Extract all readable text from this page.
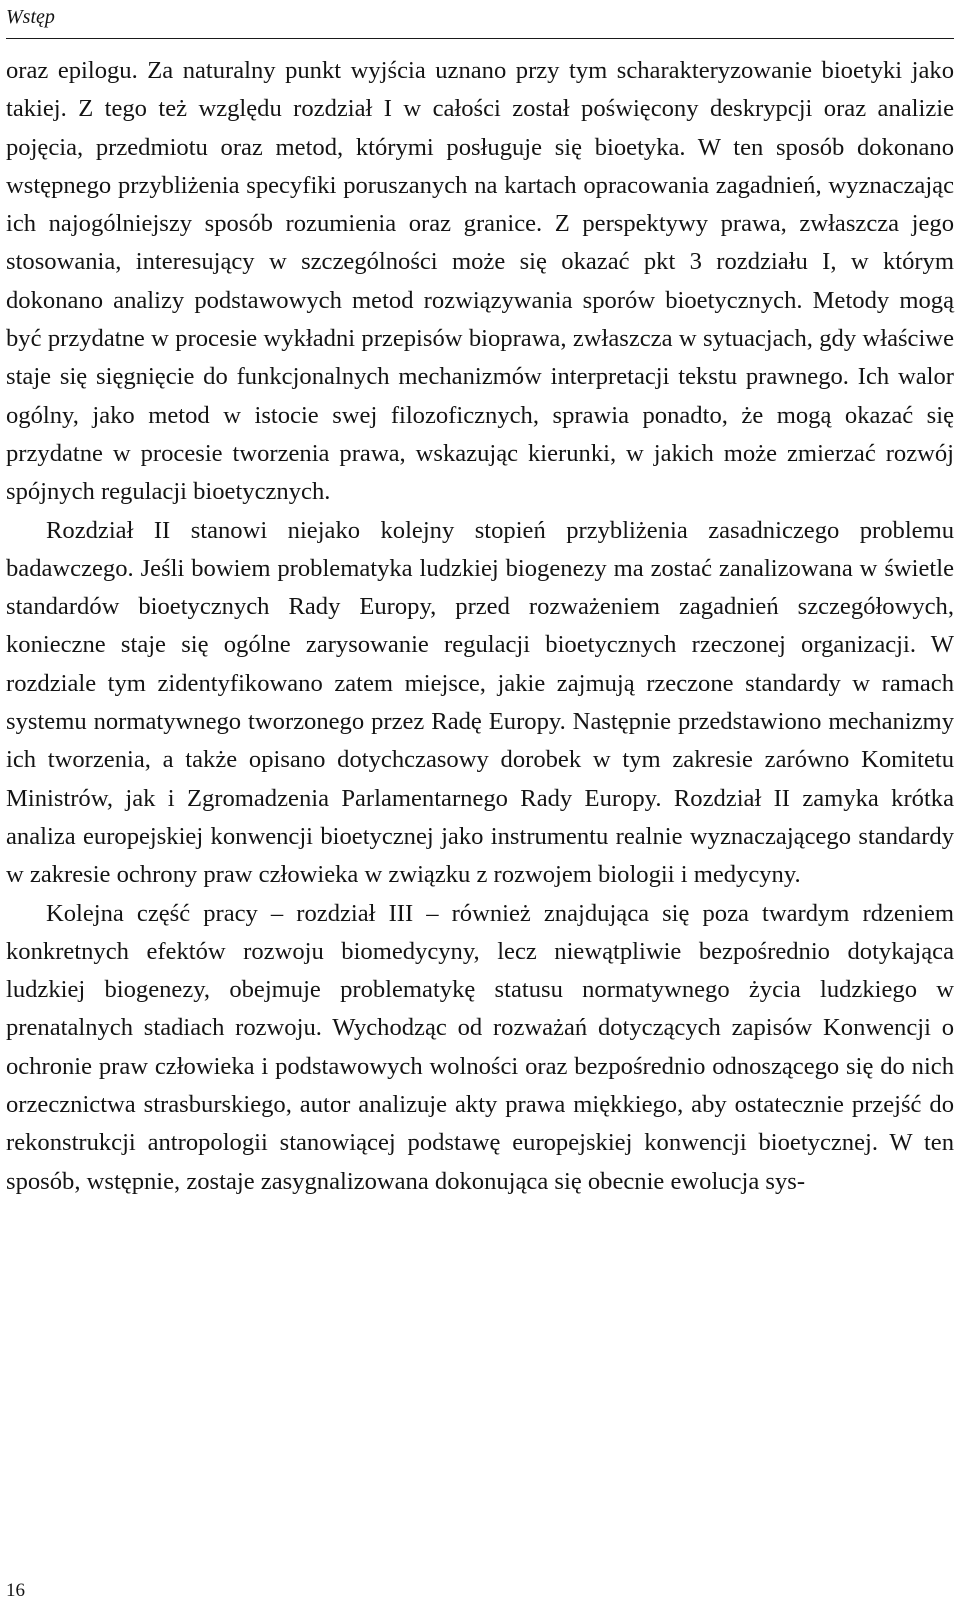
Wstęp

oraz epilogu. Za naturalny punkt wyjścia uznano przy tym scharakteryzowanie bioetyki jako takiej. Z tego też względu rozdział I w całości został poświęcony deskrypcji oraz analizie pojęcia, przedmiotu oraz metod, którymi posługuje się bioetyka. W ten sposób dokonano wstępnego przybliżenia specyfiki poruszanych na kartach opracowania zagadnień, wyznaczając ich najogólniejszy sposób rozumienia oraz granice. Z perspektywy prawa, zwłaszcza jego stosowania, interesujący w szczególności może się okazać pkt 3 rozdziału I, w którym dokonano analizy podstawowych metod rozwiązywania sporów bioetycznych. Metody mogą być przydatne w procesie wykładni przepisów bioprawa, zwłaszcza w sytuacjach, gdy właściwe staje się sięgnięcie do funkcjonalnych mechanizmów interpretacji tekstu prawnego. Ich walor ogólny, jako metod w istocie swej filozoficznych, sprawia ponadto, że mogą okazać się przydatne w procesie tworzenia prawa, wskazując kierunki, w jakich może zmierzać rozwój spójnych regulacji bioetycznych.

Rozdział II stanowi niejako kolejny stopień przybliżenia zasadniczego problemu badawczego. Jeśli bowiem problematyka ludzkiej biogenezy ma zostać zanalizowana w świetle standardów bioetycznych Rady Europy, przed rozważeniem zagadnień szczegółowych, konieczne staje się ogólne zarysowanie regulacji bioetycznych rzeczonej organizacji. W rozdziale tym zidentyfikowano zatem miejsce, jakie zajmują rzeczone standardy w ramach systemu normatywnego tworzonego przez Radę Europy. Następnie przedstawiono mechanizmy ich tworzenia, a także opisano dotychczasowy dorobek w tym zakresie zarówno Komitetu Ministrów, jak i Zgromadzenia Parlamentarnego Rady Europy. Rozdział II zamyka krótka analiza europejskiej konwencji bioetycznej jako instrumentu realnie wyznaczającego standardy w zakresie ochrony praw człowieka w związku z rozwojem biologii i medycyny.

Kolejna część pracy – rozdział III – również znajdująca się poza twardym rdzeniem konkretnych efektów rozwoju biomedycyny, lecz niewątpliwie bezpośrednio dotykająca ludzkiej biogenezy, obejmuje problematykę statusu normatywnego życia ludzkiego w prenatalnych stadiach rozwoju. Wychodząc od rozważań dotyczących zapisów Konwencji o ochronie praw człowieka i podstawowych wolności oraz bezpośrednio odnoszącego się do nich orzecznictwa strasburskiego, autor analizuje akty prawa miękkiego, aby ostatecznie przejść do rekonstrukcji antropologii stanowiącej podstawę europejskiej konwencji bioetycznej. W ten sposób, wstępnie, zostaje zasygnalizowana dokonująca się obecnie ewolucja sys-

16
